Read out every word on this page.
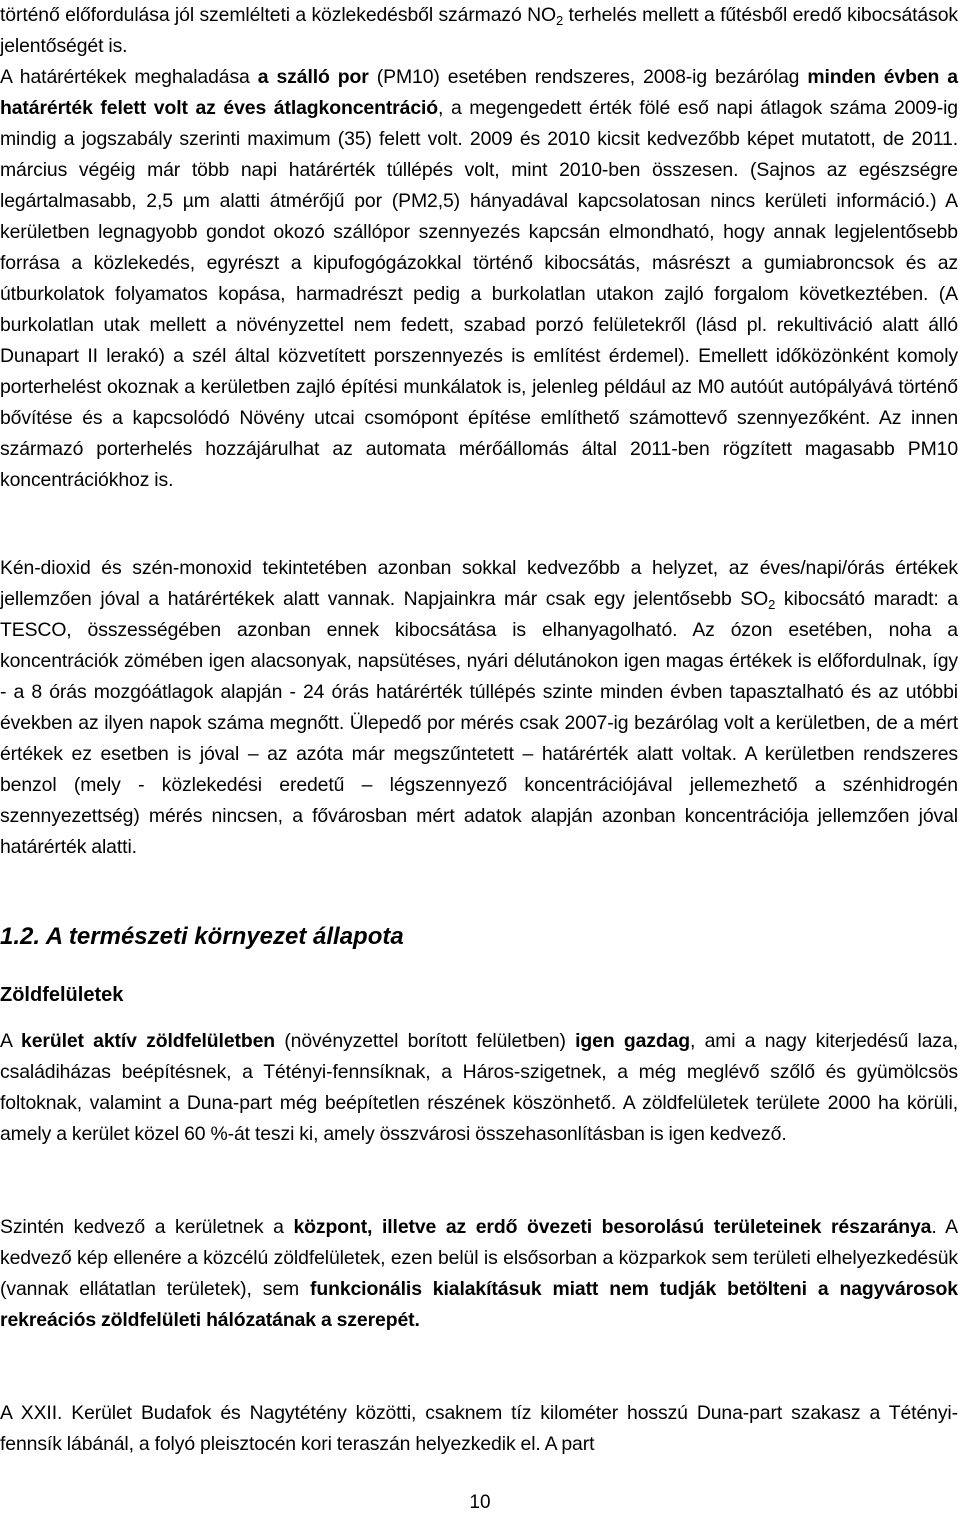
történő előfordulása jól szemlélteti a közlekedésből származó $NO_2$ terhelés mellett a fűtésből eredő kibocsátások jelentőségét is.

A határértékek meghaladása a szálló por (PM10) esetében rendszeres, 2008-ig bezárólag minden évben a határérték felett volt az éves átlagkoncentráció, a megengedett érték fölé eső napi átlagok száma 2009-ig mindig a jogszabály szerinti maximum (35) felett volt. 2009 és 2010 kicsit kedvezőbb képet mutatott, de 2011. március végéig már több napi határérték túllépés volt, mint 2010-ben összesen. (Sajnos az egészségre legártalmasabb, 2,5 µm alatti átmérőjű por (PM2,5) hányadával kapcsolatosan nincs kerületi információ.) A kerületben legnagyobb gondot okozó szállópor szennyezés kapcsán elmondható, hogy annak legjelentősebb forrása a közlekedés, egyrészt a kipufogógázokkal történő kibocsátás, másrészt a gumiabroncsok és az útburkolatok folyamatos kopása, harmadrészt pedig a burkolatlan utakon zajló forgalom következtében. (A burkolatlan utak mellett a növényzettel nem fedett, szabad porzó felületekről (lásd pl. rekultiváció alatt álló Dunapart II lerakó) a szél által közvetített porszennyezés is említést érdemel). Emellett időközönként komoly porterhelést okoznak a kerületben zajló építési munkálatok is, jelenleg például az M0 autóút autópályává történő bővítése és a kapcsolódó Növény utcai csomópont építése említhető számottevő szennyezőként. Az innen származó porterhelés hozzájárulhat az automata mérőállomás által 2011-ben rögzített magasabb PM10 koncentrációkhoz is.

Kén-dioxid és szén-monoxid tekintetében azonban sokkal kedvezőbb a helyzet, az éves/napi/órás értékek jellemzően jóval a határértékek alatt vannak. Napjainkra már csak egy jelentősebb $SO_2$ kibocsátó maradt: a TESCO, összességében azonban ennek kibocsátása is elhanyagolható. Az ózon esetében, noha a koncentrációk zömében igen alacsonyak, napsütéses, nyári délutánokon igen magas értékek is előfordulnak, így - a 8 órás mozgóátlagok alapján - 24 órás határérték túllépés szinte minden évben tapasztalható és az utóbbi években az ilyen napok száma megnőtt. Ülepedő por mérés csak 2007-ig bezárólag volt a kerületben, de a mért értékek ez esetben is jóval – az azóta már megszűntetett – határérték alatt voltak. A kerületben rendszeres benzol (mely - közlekedési eredetű – légszennyező koncentrációjával jellemezhető a szénhidrogén szennyezettség) mérés nincsen, a fővárosban mért adatok alapján azonban koncentrációja jellemzően jóval határérték alatti.

1.2. A természeti környezet állapota
Zöldfelületek

A kerület aktív zöldfelületben (növényzettel borított felületben) igen gazdag, ami a nagy kiterjedésű laza, családiházas beépítésnek, a Tétényi-fennsíknak, a Háros-szigetnek, a még meglévő szőlő és gyümölcsös foltoknak, valamint a Duna-part még beépítetlen részének köszönhető. A zöldfelületek területe 2000 ha körüli, amely a kerület közel 60 %-át teszi ki, amely összvárosi összehasonlításban is igen kedvező.

Szintén kedvező a kerületnek a központ, illetve az erdő övezeti besorolású területeinek részaránya. A kedvező kép ellenére a közcélú zöldfelületek, ezen belül is elsősorban a közparkok sem területi elhelyezkedésük (vannak ellátatlan területek), sem funkcionális kialakításuk miatt nem tudják betölteni a nagyvárosok rekreációs zöldfelületi hálózatának a szerepét.

A XXII. Kerület Budafok és Nagytétény közötti, csaknem tíz kilométer hosszú Duna-part szakasz a Tétényi-fennsík lábánál, a folyó pleisztocén kori teraszán helyezkedik el. A part

10
